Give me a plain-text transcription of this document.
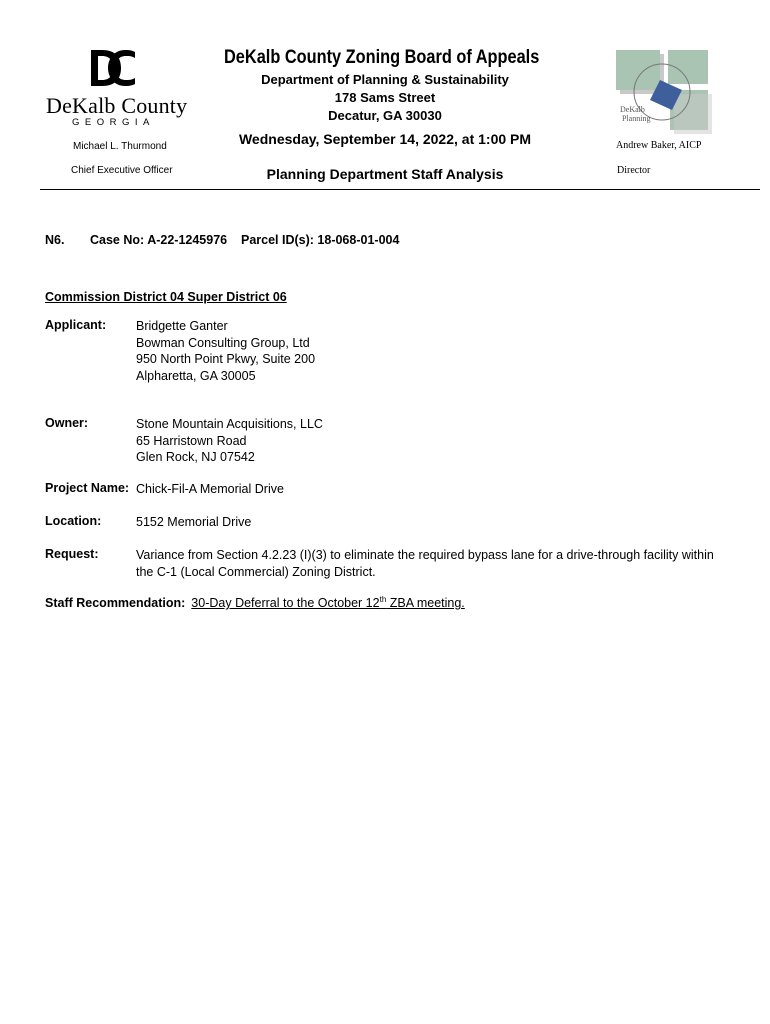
DeKalb County
GEORGIA
Michael L. Thurmond
Chief Executive Officer
DeKalb County Zoning Board of Appeals
Department of Planning & Sustainability
178 Sams Street
Decatur, GA 30030
Wednesday, September 14, 2022, at 1:00 PM
Planning Department Staff Analysis
DeKalb
Planning
Andrew Baker, AICP
Director
N6. Case No: A-22-1245976    Parcel ID(s): 18-068-01-004
Commission District 04 Super District 06
Applicant: Bridgette Ganter
Bowman Consulting Group, Ltd
950 North Point Pkwy, Suite 200
Alpharetta, GA 30005
Owner:	Stone Mountain Acquisitions, LLC
65 Harristown Road
Glen Rock, NJ 07542
Project Name: Chick-Fil-A Memorial Drive
Location:	5152 Memorial Drive
Request:	Variance from Section 4.2.23 (I)(3) to eliminate the required bypass lane for a drive-through facility within the C-1 (Local Commercial) Zoning District.
Staff Recommendation: 30-Day Deferral to the October 12th ZBA meeting.
